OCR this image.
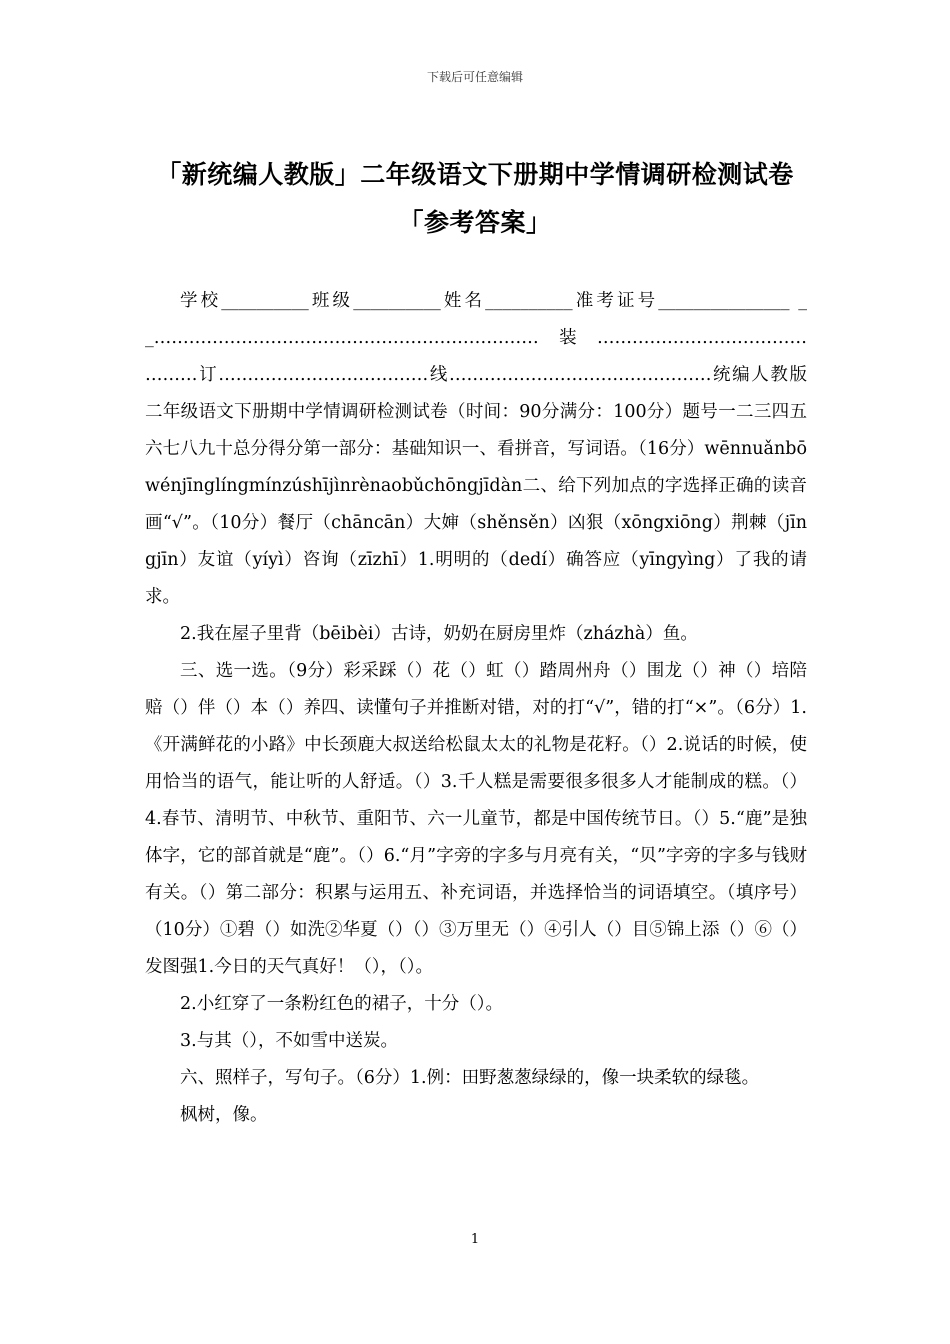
下载后可任意编辑
「新统编人教版」二年级语文下册期中学情调研检测试卷
「参考答案」

学校__________班级__________姓名__________准考证号_______________ __…………………………………………………………装……………………………… ………订………………………………线………………………………………统编人教版二年级语文下册期中学情调研检测试卷（时间：90分满分：100分）题号一二三四五六七八九十总分得分第一部分：基础知识一、看拼音，写词语。（16分）wēnnuǎnbōwénjīnglíngmínzúshījìnrènaobǔchōngjīdàn二、给下列加点的字选择正确的读音画“√”。（10分）餐厅（chāncān）大婶（shěnsěn）凶狠（xōngxiōng）荆棘（jīngjīn）友谊（yíyì）咨询（zīzhī）1.明明的（dedí）确答应（yīngyìng）了我的请求。

2.我在屋子里背（bēibèi）古诗，奶奶在厨房里炸（zházhà）鱼。

三、选一选。（9分）彩采踩（）花（）虹（）踏周州舟（）围龙（）神（）培陪赔（）伴（）本（）养四、读懂句子并推断对错，对的打“√”，错的打“×”。（6分）1.《开满鲜花的小路》中长颈鹿大叔送给松鼠太太的礼物是花籽。（）2.说话的时候，使用恰当的语气，能让听的人舒适。（）3.千人糕是需要很多很多人才能制成的糕。（）4.春节、清明节、中秋节、重阳节、六一儿童节，都是中国传统节日。（）5.“鹿”是独体字，它的部首就是“鹿”。（）6.“月”字旁的字多与月亮有关，“贝”字旁的字多与钱财有关。（）第二部分：积累与运用五、补充词语，并选择恰当的词语填空。（填序号）（10分）①碧（）如洗②华夏（）（）③万里无（）④引人（）目⑤锦上添（）⑥（）发图强1.今日的天气真好！（），（）。

2.小红穿了一条粉红色的裙子，十分（）。

3.与其（），不如雪中送炭。

六、照样子，写句子。（6分）1.例：田野葱葱绿绿的，像一块柔软的绿毯。

枫树，像。

1
